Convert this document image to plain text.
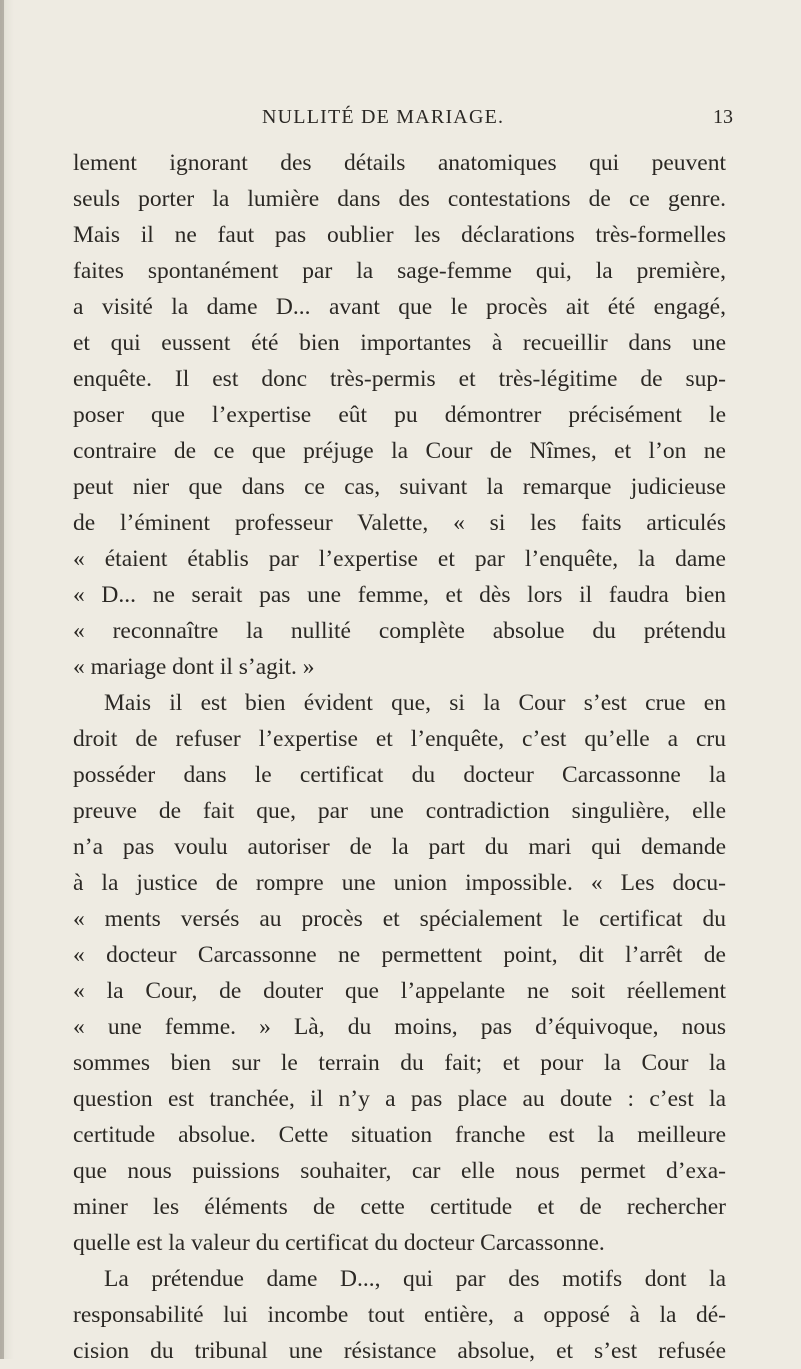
NULLITÉ DE MARIAGE.	13
lement ignorant des détails anatomiques qui peuvent
seuls porter la lumière dans des contestations de ce genre.
Mais il ne faut pas oublier les déclarations très-formelles
faites spontanément par la sage-femme qui, la première,
a visité la dame D... avant que le procès ait été engagé,
et qui eussent été bien importantes à recueillir dans une
enquête. Il est donc très-permis et très-légitime de sup-
poser que l’expertise eût pu démontrer précisément le
contraire de ce que préjuge la Cour de Nîmes, et l’on ne
peut nier que dans ce cas, suivant la remarque judicieuse
de l’éminent professeur Valette, « si les faits articulés
« étaient établis par l’expertise et par l’enquête, la dame
« D... ne serait pas une femme, et dès lors il faudra bien
« reconnaître la nullité complète absolue du prétendu
« mariage dont il s’agit. »
Mais il est bien évident que, si la Cour s’est crue en
droit de refuser l’expertise et l’enquête, c’est qu’elle a cru
posséder dans le certificat du docteur Carcassonne la
preuve de fait que, par une contradiction singulière, elle
n’a pas voulu autoriser de la part du mari qui demande
à la justice de rompre une union impossible. « Les docu-
« ments versés au procès et spécialement le certificat du
« docteur Carcassonne ne permettent point, dit l’arrêt de
« la Cour, de douter que l’appelante ne soit réellement
« une femme. » Là, du moins, pas d’équivoque, nous
sommes bien sur le terrain du fait; et pour la Cour la
question est tranchée, il n’y a pas place au doute : c’est la
certitude absolue. Cette situation franche est la meilleure
que nous puissions souhaiter, car elle nous permet d’exa-
miner les éléments de cette certitude et de rechercher
quelle est la valeur du certificat du docteur Carcassonne.
La prétendue dame D..., qui par des motifs dont la
responsabilité lui incombe tout entière, a opposé à la dé-
cision du tribunal une résistance absolue, et s’est refusée
